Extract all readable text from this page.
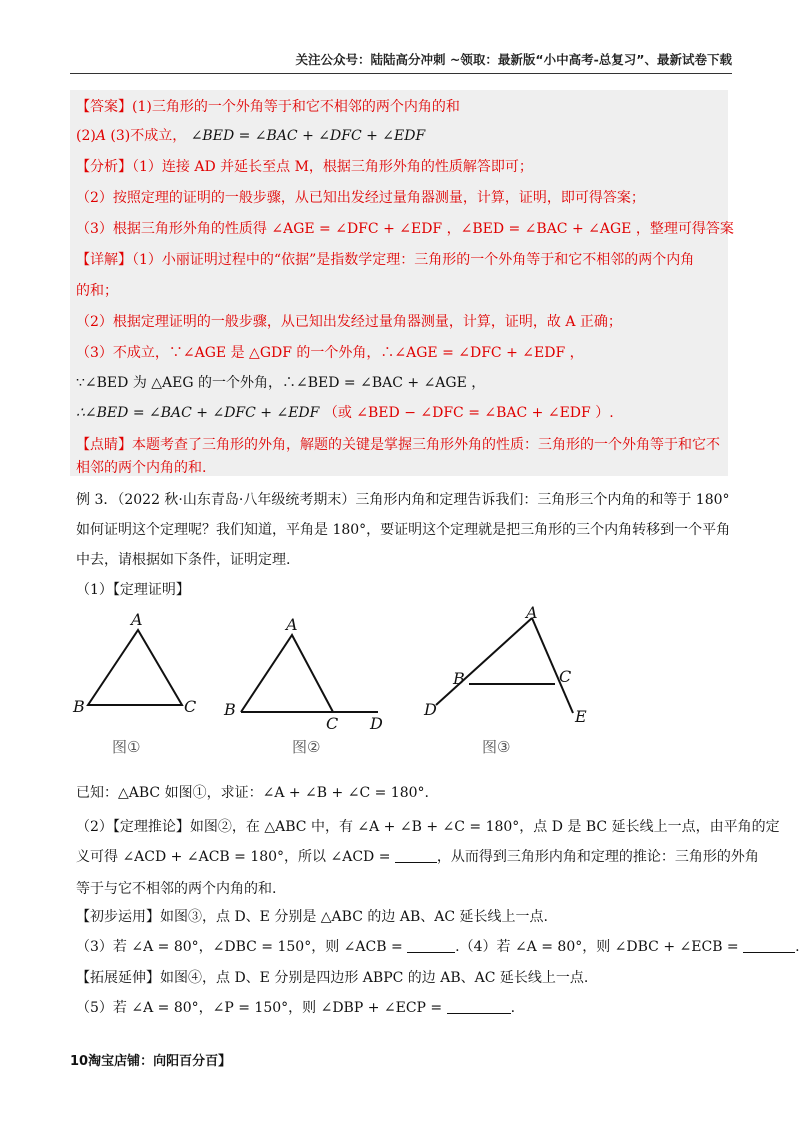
关注公众号：陆陆高分冲刺 ~领取：最新版“小中高考-总复习”、最新试卷下载
【答案】(1)三角形的一个外角等于和它不相邻的两个内角的和
(2)A (3)不成立， ∠BED = ∠BAC + ∠DFC + ∠EDF
【分析】（1）连接 AD 并延长至点 M，根据三角形外角的性质解答即可；
（2）按照定理的证明的一般步骤，从已知出发经过量角器测量，计算，证明，即可得答案；
（3）根据三角形外角的性质得 ∠AGE = ∠DFC + ∠EDF ，∠BED = ∠BAC + ∠AGE ，整理可得答案
【详解】（1）小丽证明过程中的“依据”是指数学定理：三角形的一个外角等于和它不相邻的两个内角
的和；
（2）根据定理证明的一般步骤，从已知出发经过量角器测量，计算，证明，故 A 正确；
（3）不成立，∵∠AGE 是 △GDF 的一个外角，∴∠AGE = ∠DFC + ∠EDF ，
∵∠BED 为 △AEG 的一个外角，∴∠BED = ∠BAC + ∠AGE ，
∴∠BED = ∠BAC + ∠DFC + ∠EDF （或 ∠BED − ∠DFC = ∠BAC + ∠EDF ）.
【点睛】本题考查了三角形的外角，解题的关键是掌握三角形外角的性质：三角形的一个外角等于和它不
相邻的两个内角的和.
例 3．（2022 秋·山东青岛·八年级统考期末）三角形内角和定理告诉我们：三角形三个内角的和等于 180°
如何证明这个定理呢？我们知道，平角是 180°，要证明这个定理就是把三角形的三个内角转移到一个平角
中去，请根据如下条件，证明定理.
（1）【定理证明】
A
B	C
图①
A
B
C D
图②
A
B	C
D	E
图③
已知：△ABC 如图①，求证：∠A + ∠B + ∠C = 180°.
（2）【定理推论】如图②，在 △ABC 中，有 ∠A + ∠B + ∠C = 180°，点 D 是 BC 延长线上一点，由平角的定
义可得 ∠ACD + ∠ACB = 180°，所以 ∠ACD =	，从而得到三角形内角和定理的推论：三角形的外角
等于与它不相邻的两个内角的和.
【初步运用】如图③，点 D、E 分别是 △ABC 的边 AB、AC 延长线上一点.
（3）若 ∠A = 80°，∠DBC = 150°，则 ∠ACB =	.（4）若 ∠A = 80°，则 ∠DBC + ∠ECB =	.
【拓展延伸】如图④，点 D、E 分别是四边形 ABPC 的边 AB、AC 延长线上一点.
（5）若 ∠A = 80°，∠P = 150°，则 ∠DBP + ∠ECP =	.
10淘宝店铺：向阳百分百】
